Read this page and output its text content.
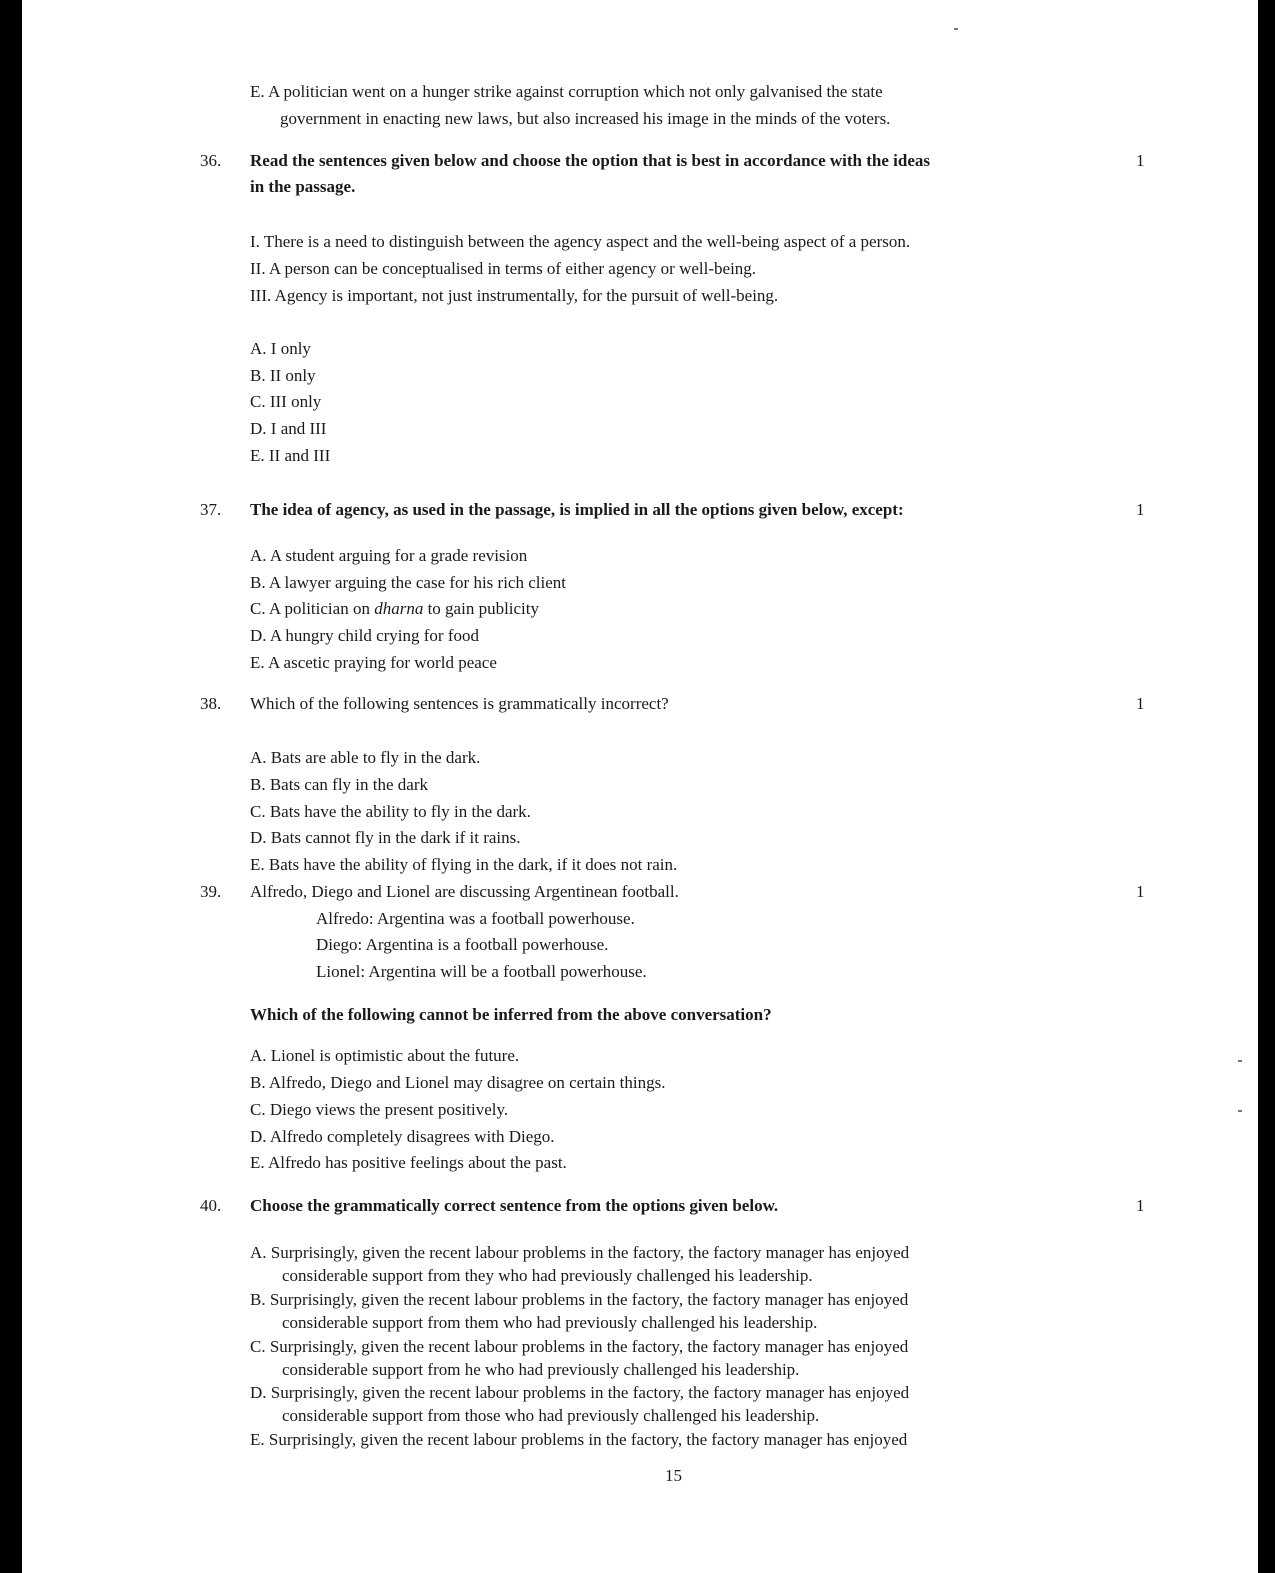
E. A politician went on a hunger strike against corruption which not only galvanised the state
government in enacting new laws, but also increased his image in the minds of the voters.
36. Read the sentences given below and choose the option that is best in accordance with the ideas
in the passage.
1
I. There is a need to distinguish between the agency aspect and the well-being aspect of a person.
II. A person can be conceptualised in terms of either agency or well-being.
III. Agency is important, not just instrumentally, for the pursuit of well-being.
A. I only
B. II only
C. III only
D. I and III
E. II and III
37. The idea of agency, as used in the passage, is implied in all the options given below, except:	1
A. A student arguing for a grade revision
B. A lawyer arguing the case for his rich client
C. A politician on dharna to gain publicity
D. A hungry child crying for food
E. A ascetic praying for world peace
38. Which of the following sentences is grammatically incorrect?	1
A. Bats are able to fly in the dark.
B. Bats can fly in the dark
C. Bats have the ability to fly in the dark.
D. Bats cannot fly in the dark if it rains.
E. Bats have the ability of flying in the dark, if it does not rain.
39. Alfredo, Diego and Lionel are discussing Argentinean football.	1
Alfredo: Argentina was a football powerhouse.
Diego: Argentina is a football powerhouse.
Lionel: Argentina will be a football powerhouse.
Which of the following cannot be inferred from the above conversation?
A. Lionel is optimistic about the future.
B. Alfredo, Diego and Lionel may disagree on certain things.
C. Diego views the present positively.
D. Alfredo completely disagrees with Diego.
E. Alfredo has positive feelings about the past.
40. Choose the grammatically correct sentence from the options given below.	1
A. Surprisingly, given the recent labour problems in the factory, the factory manager has enjoyed
considerable support from they who had previously challenged his leadership.
B. Surprisingly, given the recent labour problems in the factory, the factory manager has enjoyed
considerable support from them who had previously challenged his leadership.
C. Surprisingly, given the recent labour problems in the factory, the factory manager has enjoyed
considerable support from he who had previously challenged his leadership.
D. Surprisingly, given the recent labour problems in the factory, the factory manager has enjoyed
considerable support from those who had previously challenged his leadership.
E. Surprisingly, given the recent labour problems in the factory, the factory manager has enjoyed
15
